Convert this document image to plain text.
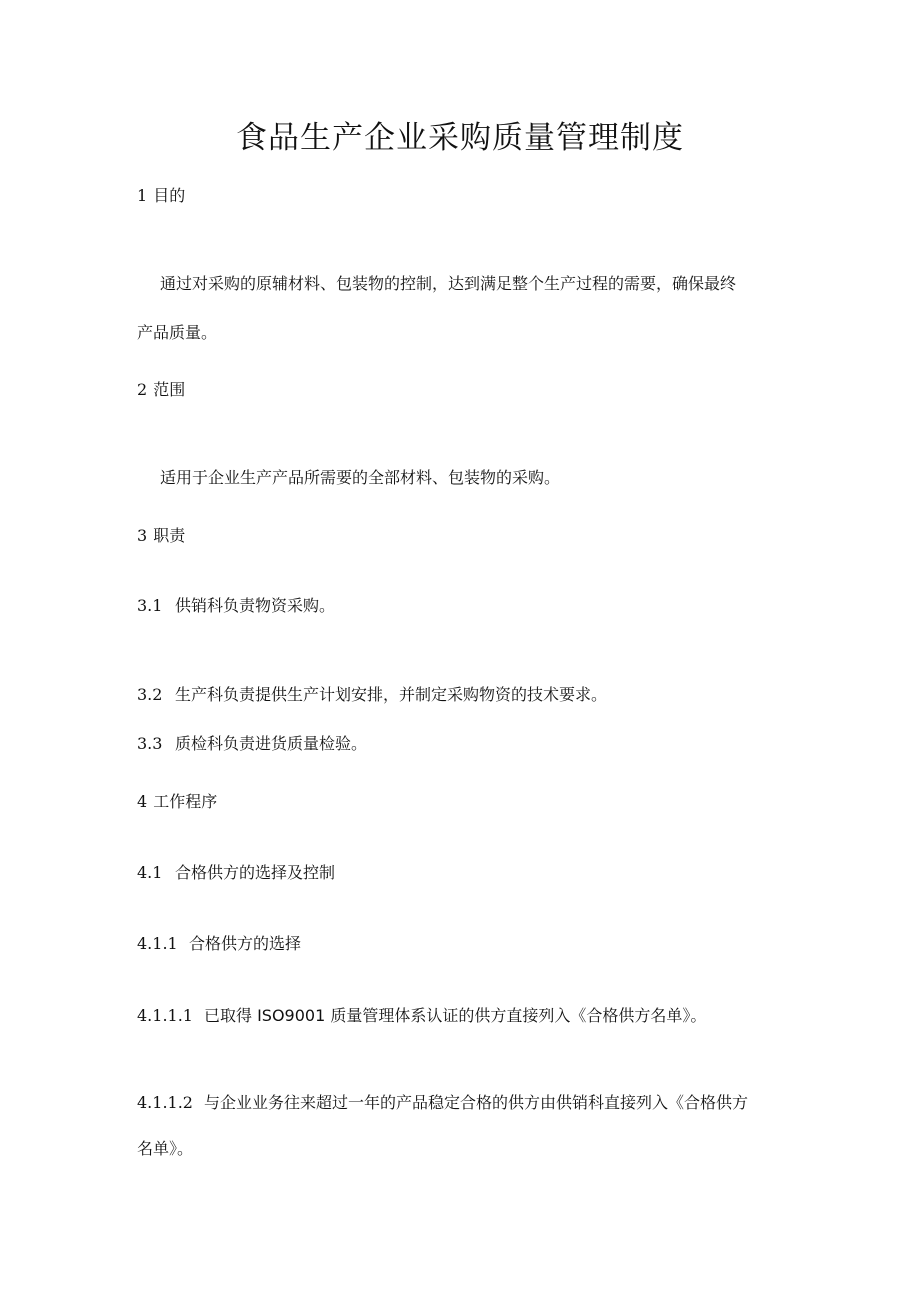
食品生产企业采购质量管理制度

1 目的

通过对采购的原辅材料、包装物的控制，达到满足整个生产过程的需要，确保最终

产品质量。

2 范围

适用于企业生产产品所需要的全部材料、包装物的采购。

3 职责

3.1 供销科负责物资采购。

3.2 生产科负责提供生产计划安排，并制定采购物资的技术要求。

3.3 质检科负责进货质量检验。

4 工作程序

4.1 合格供方的选择及控制

4.1.1 合格供方的选择

4.1.1.1 已取得 ISO9001 质量管理体系认证的供方直接列入《合格供方名单》。

4.1.1.2 与企业业务往来超过一年的产品稳定合格的供方由供销科直接列入《合格供方

名单》。
